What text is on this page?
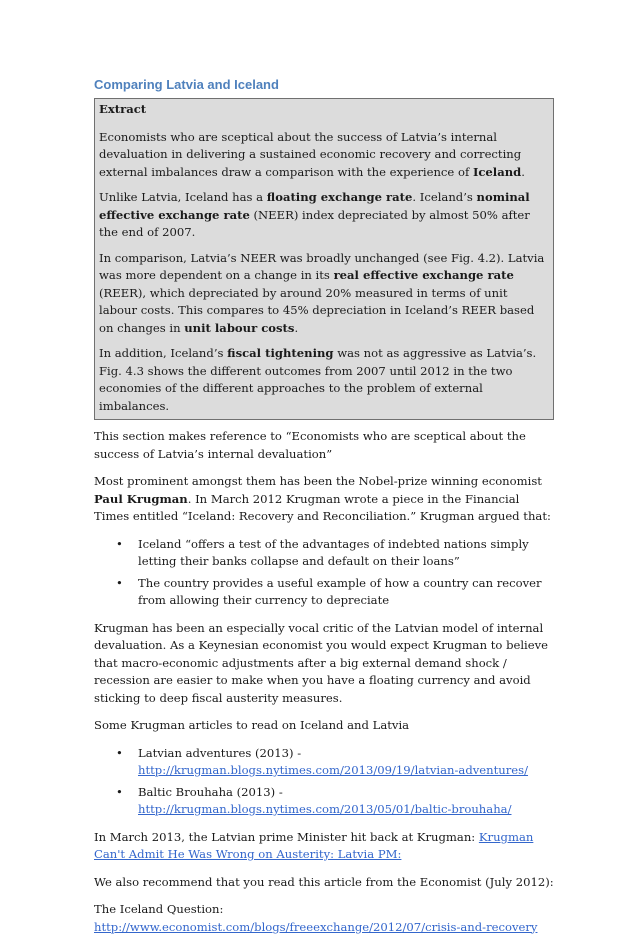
Comparing Latvia and Iceland
Extract

Economists who are sceptical about the success of Latvia’s internal devaluation in delivering a sustained economic recovery and correcting external imbalances draw a comparison with the experience of Iceland.

Unlike Latvia, Iceland has a floating exchange rate. Iceland’s nominal effective exchange rate (NEER) index depreciated by almost 50% after the end of 2007.

In comparison, Latvia’s NEER was broadly unchanged (see Fig. 4.2). Latvia was more dependent on a change in its real effective exchange rate (REER), which depreciated by around 20% measured in terms of unit labour costs. This compares to 45% depreciation in Iceland’s REER based on changes in unit labour costs.

In addition, Iceland’s fiscal tightening was not as aggressive as Latvia’s. Fig. 4.3 shows the different outcomes from 2007 until 2012 in the two economies of the different approaches to the problem of external imbalances.

This section makes reference to “Economists who are sceptical about the success of Latvia’s internal devaluation”

Most prominent amongst them has been the Nobel-prize winning economist Paul Krugman. In March 2012 Krugman wrote a piece in the Financial Times entitled “Iceland: Recovery and Reconciliation.” Krugman argued that:

• Iceland “offers a test of the advantages of indebted nations simply letting their banks collapse and default on their loans”
• The country provides a useful example of how a country can recover from allowing their currency to depreciate

Krugman has been an especially vocal critic of the Latvian model of internal devaluation. As a Keynesian economist you would expect Krugman to believe that macro-economic adjustments after a big external demand shock / recession are easier to make when you have a floating currency and avoid sticking to deep fiscal austerity measures.

Some Krugman articles to read on Iceland and Latvia

• Latvian adventures (2013) -
http://krugman.blogs.nytimes.com/2013/09/19/latvian-adventures/
• Baltic Brouhaha (2013) -
http://krugman.blogs.nytimes.com/2013/05/01/baltic-brouhaha/

In March 2013, the Latvian prime Minister hit back at Krugman: Krugman Can't Admit He Was Wrong on Austerity: Latvia PM:

We also recommend that you read this article from the Economist (July 2012):

The Iceland Question:
http://www.economist.com/blogs/freeexchange/2012/07/crisis-and-recovery
